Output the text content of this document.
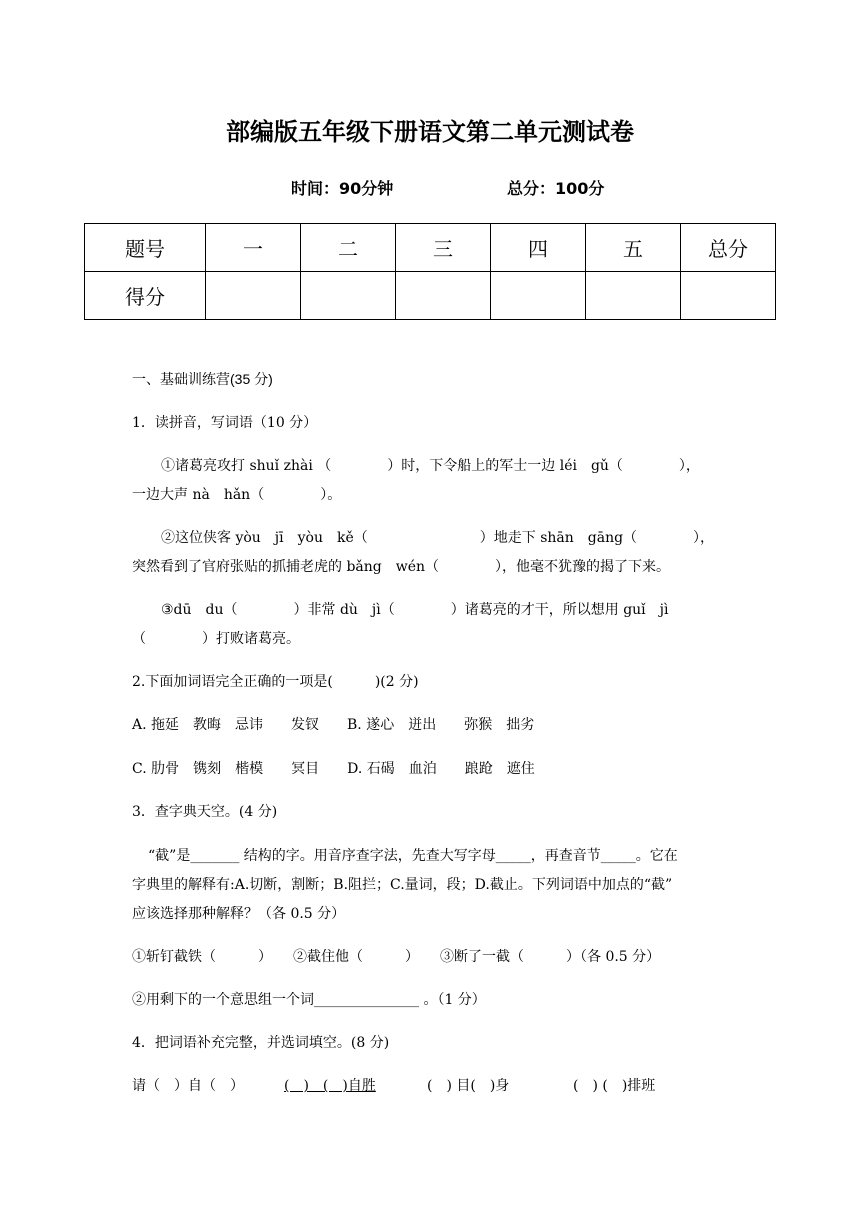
部编版五年级下册语文第二单元测试卷
时间：90分钟	总分：100分
题号	一	二	三	四	五	总分
得分						
一、基础训练营(35 分)
1．读拼音，写词语（10 分）
①诸葛亮攻打 shuǐ zhài （　　　　）时，下令船上的军士一边 léi　gǔ（　　　　），
一边大声 nà　hǎn（　　　　）。
②这位侠客 yòu　jī　yòu　kě（　　　　　　　　）地走下 shān　gāng（　　　　），
突然看到了官府张贴的抓捕老虎的 bǎng　wén（　　　　），他毫不犹豫的揭了下来。
③dū　du（　　　　）非常 dù　jì（　　　　）诸葛亮的才干，所以想用 guǐ　jì
（　　　　）打败诸葛亮。
2.下面加词语完全正确的一项是(　　　)(2 分)
A. 拖延　教晦　忌讳　　发钗　　B. 遂心　迸出　　弥猴　拙劣
C. 肋骨　镌刻　楷模　　冥目　　D. 石碣　血泊　　踉跄　遮住
3．查字典天空。(4 分)
“截”是_______ 结构的字。用音序查字法，先查大写字母_____，再查音节_____。它在
字典里的解释有:A.切断，割断；B.阻拦；C.量词，段；D.截止。下列词语中加点的“截”
应该选择那种解释？（各 0.5 分）
①斩钉截铁（　　　）　　②截住他（　　　）　　③断了一截（　　　）（各 0.5 分）
②用剩下的一个意思组一个词_______________ 。（1 分）
4．把词语补充完整，并选词填空。(8 分)
请（　）自（　）	(　)　(　)自胜	(　) 目(　)身	(　) (　)排班
